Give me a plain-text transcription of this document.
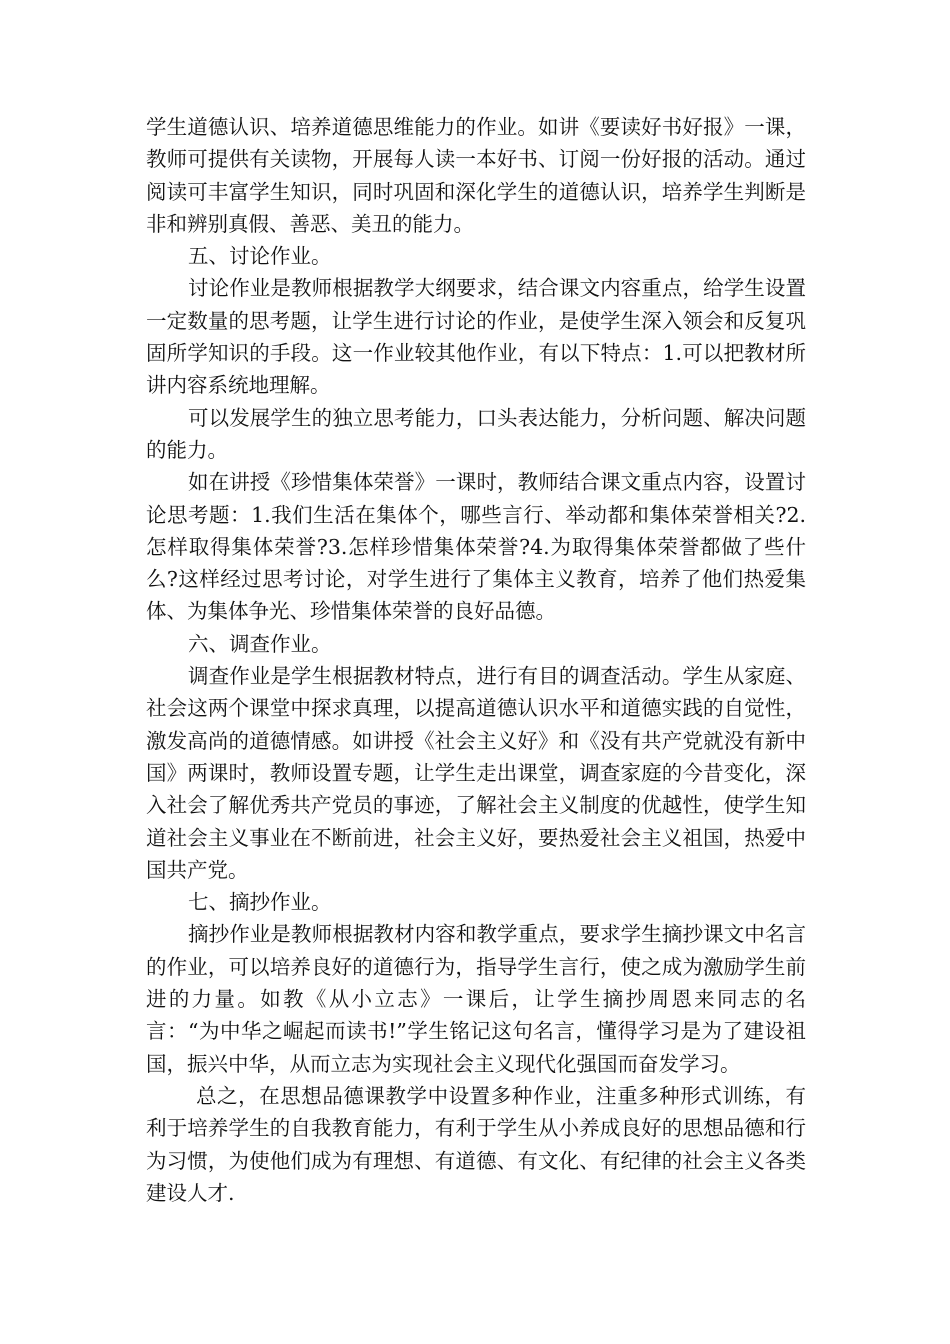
学生道德认识、培养道德思维能力的作业。如讲《要读好书好报》一课，教师可提供有关读物，开展每人读一本好书、订阅一份好报的活动。通过阅读可丰富学生知识，同时巩固和深化学生的道德认识，培养学生判断是非和辨别真假、善恶、美丑的能力。

五、讨论作业。

讨论作业是教师根据教学大纲要求，结合课文内容重点，给学生设置一定数量的思考题，让学生进行讨论的作业，是使学生深入领会和反复巩固所学知识的手段。这一作业较其他作业，有以下特点：1.可以把教材所讲内容系统地理解。

可以发展学生的独立思考能力，口头表达能力，分析问题、解决问题的能力。

如在讲授《珍惜集体荣誉》一课时，教师结合课文重点内容，设置讨论思考题：1.我们生活在集体个，哪些言行、举动都和集体荣誉相关?2.怎样取得集体荣誉?3.怎样珍惜集体荣誉?4.为取得集体荣誉都做了些什么?这样经过思考讨论，对学生进行了集体主义教育，培养了他们热爱集体、为集体争光、珍惜集体荣誉的良好品德。

六、调查作业。

调查作业是学生根据教材特点，进行有目的调查活动。学生从家庭、社会这两个课堂中探求真理，以提高道德认识水平和道德实践的自觉性，激发高尚的道德情感。如讲授《社会主义好》和《没有共产党就没有新中国》两课时，教师设置专题，让学生走出课堂，调查家庭的今昔变化，深入社会了解优秀共产党员的事迹，了解社会主义制度的优越性，使学生知道社会主义事业在不断前进，社会主义好，要热爱社会主义祖国，热爱中国共产党。

七、摘抄作业。

摘抄作业是教师根据教材内容和教学重点，要求学生摘抄课文中名言的作业，可以培养良好的道德行为，指导学生言行，使之成为激励学生前进的力量。如教《从小立志》一课后，让学生摘抄周恩来同志的名言：“为中华之崛起而读书!”学生铭记这句名言，懂得学习是为了建设祖国，振兴中华，从而立志为实现社会主义现代化强国而奋发学习。

总之，在思想品德课教学中设置多种作业，注重多种形式训练，有利于培养学生的自我教育能力，有利于学生从小养成良好的思想品德和行为习惯，为使他们成为有理想、有道德、有文化、有纪律的社会主义各类建设人才.
